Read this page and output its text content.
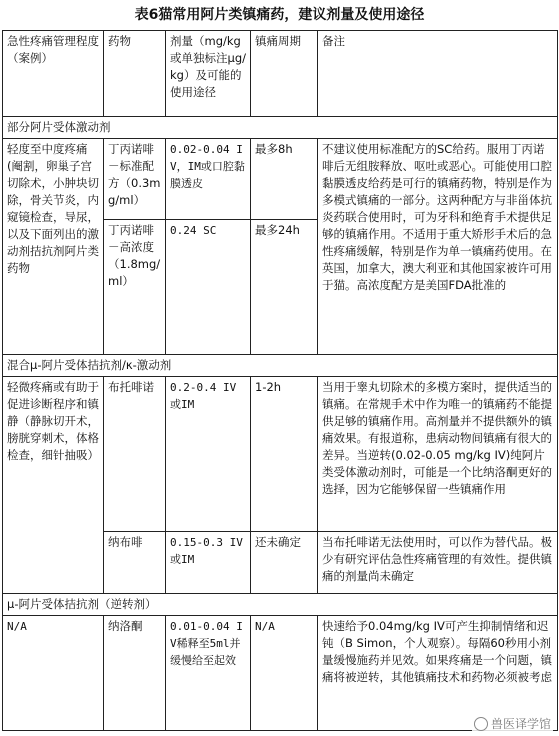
表6猫常用阿片类镇痛药，建议剂量及使用途径
急性疼痛管理程度（案例）	药物	剂量（mg/kg或单独标注μg/kg）及可能的使用途径	镇痛周期	备注
部分阿片受体激动剂				
轻度至中度疼痛(阉割，卵巢子宫切除术，小肿块切除，骨关节炎，内窥镜检查，导尿，以及下面列出的激动剂拮抗剂阿片类药物	丁丙诺啡－标准配方（0.3mg/ml）	0.02-0.04 IV，IM或口腔黏膜透皮	最多8h	不建议使用标准配方的SC给药。服用丁丙诺啡后无组胺释放、呕吐或恶心。可能使用口腔黏膜透皮给药是可行的镇痛药物，特别是作为多模式镇痛的一部分。这两种配方与非甾体抗炎药联合使用时，可为牙科和绝育手术提供足够的镇痛作用。不适用于重大矫形手术后的急性疼痛缓解，特别是作为单一镇痛药使用。在英国，加拿大，澳大利亚和其他国家被许可用于猫。高浓度配方是美国FDA批准的
	丁丙诺啡－高浓度（1.8mg/ml）	0.24 SC	最多24h	
混合μ-阿片受体拮抗剂/κ-激动剂				
轻微疼痛或有助于促进诊断程序和镇静（静脉切开术，膀胱穿刺术，体格检查，细针抽吸）	布托啡诺	0.2-0.4 IV或IM	1-2h	当用于睾丸切除术的多模方案时，提供适当的镇痛。在常规手术中作为唯一的镇痛药不能提供足够的镇痛作用。高剂量并不提供额外的镇痛效果。有报道称，患病动物间镇痛有很大的差异。当逆转(0.02-0.05 mg/kg IV)纯阿片类受体激动剂时，可能是一个比纳洛酮更好的选择，因为它能够保留一些镇痛作用
	纳布啡	0.15-0.3 IV或IM	还未确定	当布托啡诺无法使用时，可以作为替代品。极少有研究评估急性疼痛管理的有效性。提供镇痛的剂量尚未确定
μ-阿片受体拮抗剂（逆转剂）				
N/A	纳洛酮	0.01-0.04 IV稀释至5ml并缓慢给至起效	N/A	快速给予0.04mg/kg IV可产生抑制情绪和迟钝（B Simon，个人观察）。每隔60秒用小剂量缓慢施药并见效。如果疼痛是一个问题，镇痛将被逆转，其他镇痛技术和药物必须被考虑
兽医译学馆
